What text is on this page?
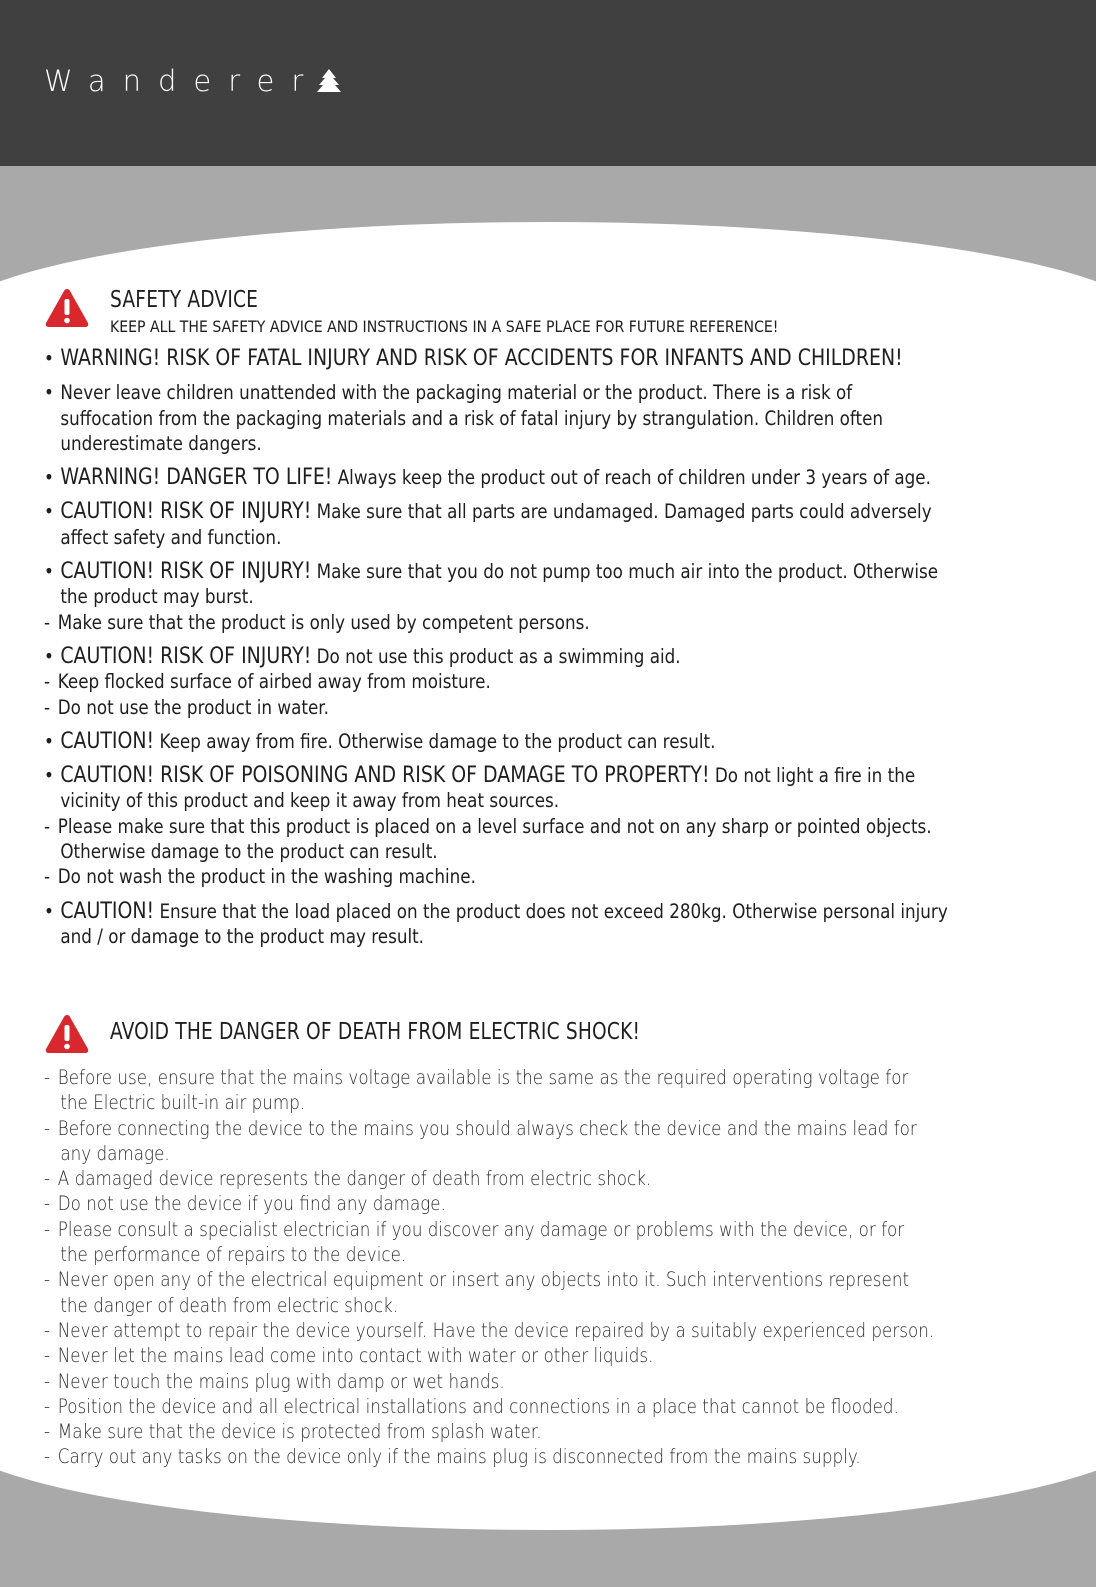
Wanderer
SAFETY ADVICE
KEEP ALL THE SAFETY ADVICE AND INSTRUCTIONS IN A SAFE PLACE FOR FUTURE REFERENCE!
• WARNING! RISK OF FATAL INJURY AND RISK OF ACCIDENTS FOR INFANTS AND CHILDREN!
• Never leave children unattended with the packaging material or the product. There is a risk of
suffocation from the packaging materials and a risk of fatal injury by strangulation. Children often
underestimate dangers.
• WARNING! DANGER TO LIFE! Always keep the product out of reach of children under 3 years of age.
• CAUTION! RISK OF INJURY! Make sure that all parts are undamaged. Damaged parts could adversely
affect safety and function.
• CAUTION! RISK OF INJURY! Make sure that you do not pump too much air into the product. Otherwise
the product may burst.
- Make sure that the product is only used by competent persons.
• CAUTION! RISK OF INJURY! Do not use this product as a swimming aid.
- Keep flocked surface of airbed away from moisture.
- Do not use the product in water.
• CAUTION! Keep away from fire. Otherwise damage to the product can result.
• CAUTION! RISK OF POISONING AND RISK OF DAMAGE TO PROPERTY! Do not light a fire in the
vicinity of this product and keep it away from heat sources.
- Please make sure that this product is placed on a level surface and not on any sharp or pointed objects.
Otherwise damage to the product can result.
- Do not wash the product in the washing machine.
• CAUTION! Ensure that the load placed on the product does not exceed 280kg. Otherwise personal injury
and / or damage to the product may result.
AVOID THE DANGER OF DEATH FROM ELECTRIC SHOCK!
- Before use, ensure that the mains voltage available is the same as the required operating voltage for
the Electric built-in air pump.
- Before connecting the device to the mains you should always check the device and the mains lead for
any damage.
- A damaged device represents the danger of death from electric shock.
- Do not use the device if you find any damage.
- Please consult a specialist electrician if you discover any damage or problems with the device, or for
the performance of repairs to the device.
- Never open any of the electrical equipment or insert any objects into it. Such interventions represent
the danger of death from electric shock.
- Never attempt to repair the device yourself. Have the device repaired by a suitably experienced person.
- Never let the mains lead come into contact with water or other liquids.
- Never touch the mains plug with damp or wet hands.
- Position the device and all electrical installations and connections in a place that cannot be flooded.
- Make sure that the device is protected from splash water.
- Carry out any tasks on the device only if the mains plug is disconnected from the mains supply.
